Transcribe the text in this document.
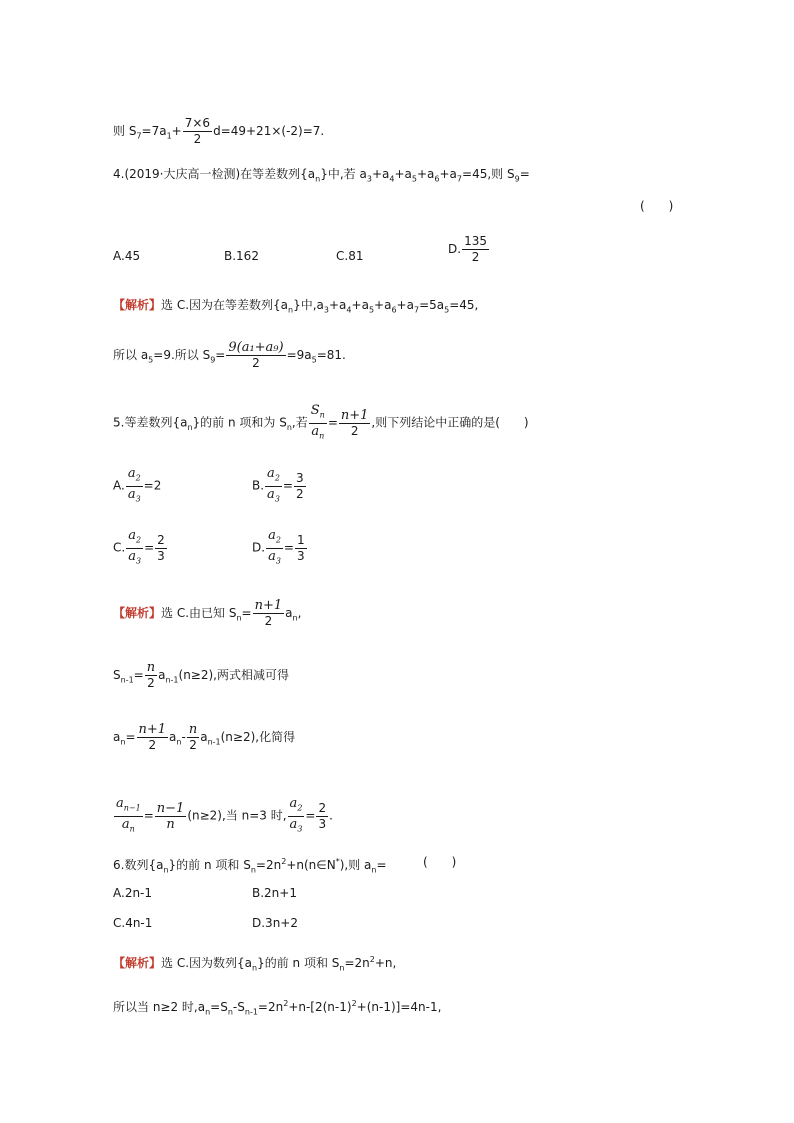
则 $S_7=7a_1+ \frac{7\times 6}{2} d=49+21\times(-2)=7$.
4.(2019·大庆高一检测)在等差数列$\{a_n\}$中,若 $a_3+a_4+a_5+a_6+a_7=45$,则 $S_9=$
(　　)
A.45	B.162	C.81	D. $\frac{135}{2}$
【解析】选 C.因为在等差数列$\{a_n\}$中$,a_3+a_4+a_5+a_6+a_7=5a_5=45$,
所以 $a_5=9$.所以 $S_9= \frac{\text{9(a₁+a₉)}}{2} =9a_5=81$.
5.等差数列$\{a_n\}$的前 n 项和为 $S_n$,若 $\frac{S_n}{a_n} = \frac{n+1}{2}$ ,则下列结论中正确的是(　　)
A. $\frac{a_2}{a_3} =2$	B. $\frac{a_2}{a_3} = \frac{3}{2}$
C. $\frac{a_2}{a_3} = \frac{2}{3}$	D. $\frac{a_2}{a_3} = \frac{1}{3}$
【解析】选 C.由已知 $S_n= \frac{n+1}{2} a_n$,
$S_{n-1}= \frac{n}{2} a_{n-1}(n\ge 2)$,两式相减可得
$a_n= \frac{n+1}{2} a_n- \frac{n}{2} a_{n-1}(n\ge 2)$,化简得
$\frac{a_{n-1}}{a_n} = \frac{n-1}{n} (n\ge 2)$,当 n=3 时, $\frac{a_2}{a_3} = \frac{2}{3}$ .
6.数列$\{a_n\}$的前 n 项和 $S_n=2n^2+n(n\in N^*)$,则 $a_n=$	(　　)
A.2n-1	B.2n+1
C.4n-1	D.3n+2
【解析】选 C.因为数列$\{a_n\}$的前 n 项和 $S_n=2n^2+n$,
所以当 n≥2 时$,a_n=S_n-S_{n-1}=2n^2+n-[2(n-1)^2+(n-1)]=4n-1$,
